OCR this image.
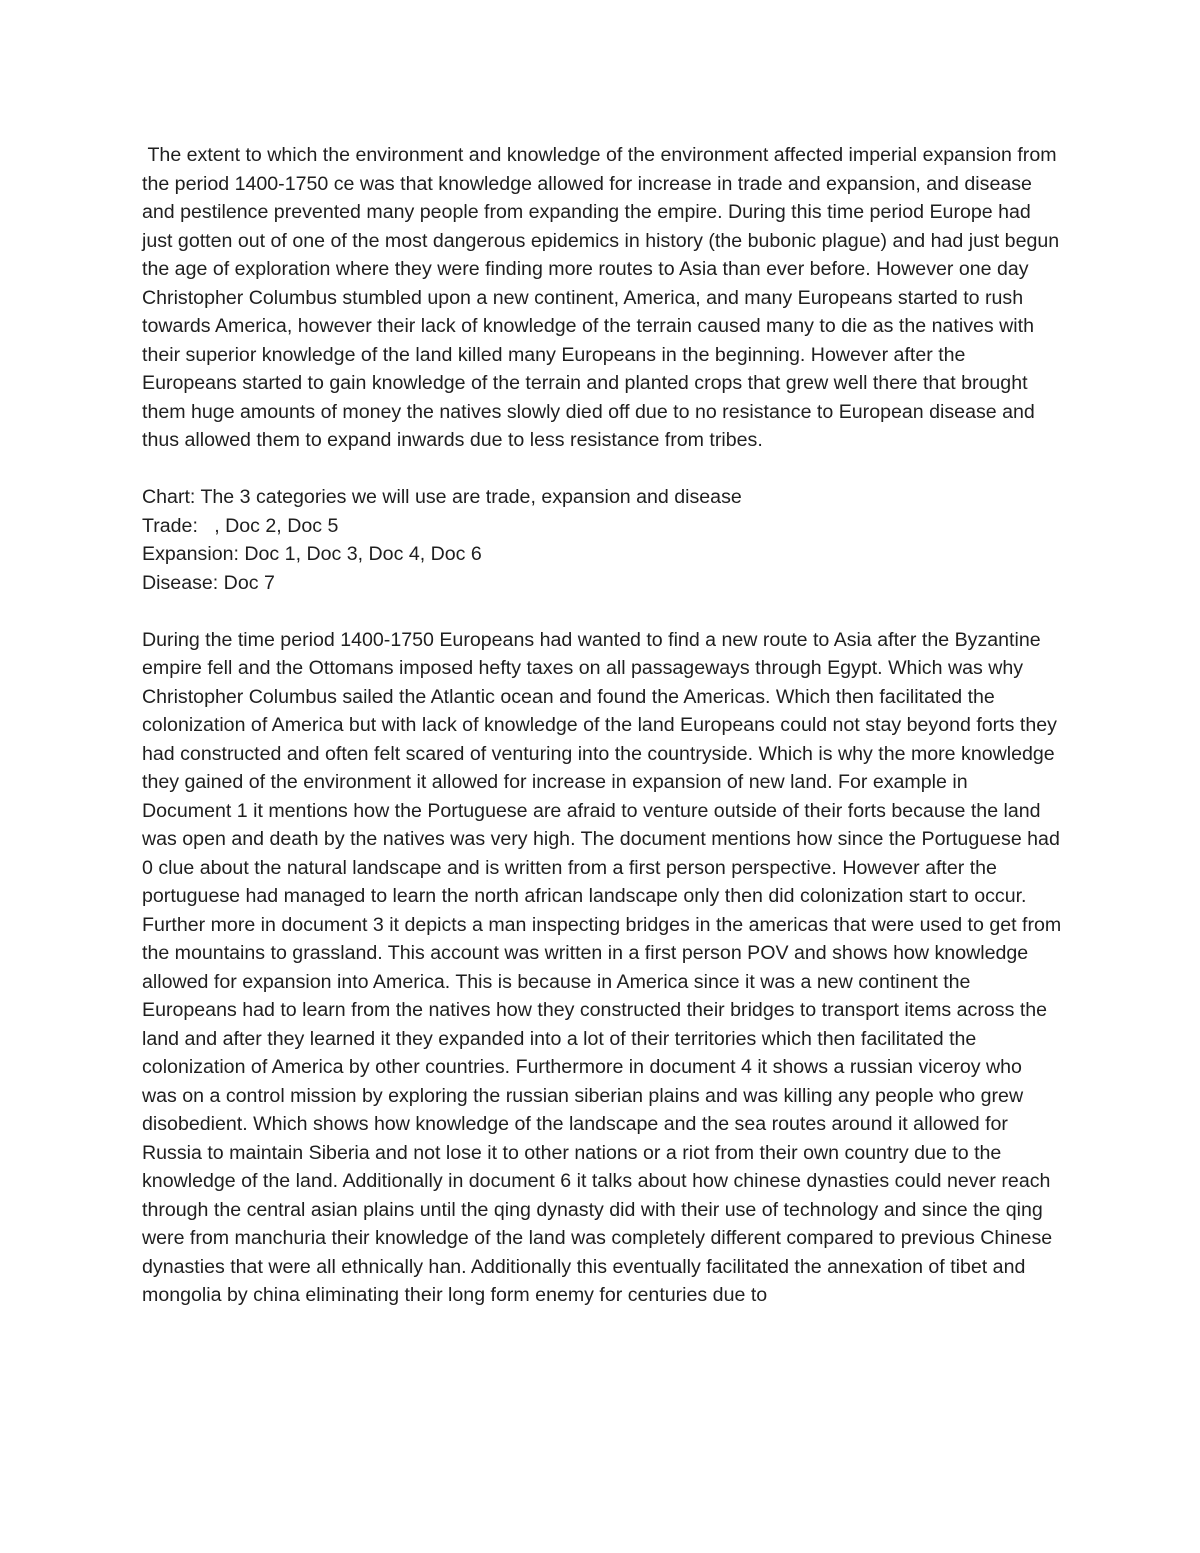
The extent to which the environment and knowledge of the environment affected imperial expansion from the period 1400-1750 ce was that knowledge allowed for increase in trade and expansion, and disease and pestilence prevented many people from expanding the empire. During this time period Europe had just gotten out of one of the most dangerous epidemics in history (the bubonic plague) and had just begun the age of exploration where they were finding more routes to Asia than ever before. However one day Christopher Columbus stumbled upon a new continent, America, and many Europeans started to rush towards America, however their lack of knowledge of the terrain caused many to die as the natives with their superior knowledge of the land killed many Europeans in the beginning. However after the Europeans started to gain knowledge of the terrain and planted crops that grew well there that brought them huge amounts of money the natives slowly died off due to no resistance to European disease and thus allowed them to expand inwards due to less resistance from tribes.

Chart: The 3 categories we will use are trade, expansion and disease

Trade:   , Doc 2, Doc 5

Expansion: Doc 1, Doc 3, Doc 4, Doc 6

Disease: Doc 7

During the time period 1400-1750 Europeans had wanted to find a new route to Asia after the Byzantine empire fell and the Ottomans imposed hefty taxes on all passageways through Egypt. Which was why Christopher Columbus sailed the Atlantic ocean and found the Americas. Which then facilitated the colonization of America but with lack of knowledge of the land Europeans could not stay beyond forts they had constructed and often felt scared of venturing into the countryside. Which is why the more knowledge they gained of the environment it allowed for increase in expansion of new land. For example in Document 1 it mentions how the Portuguese are afraid to venture outside of their forts because the land was open and death by the natives was very high. The document mentions how since the Portuguese had 0 clue about the natural landscape and is written from a first person perspective. However after the portuguese had managed to learn the north african landscape only then did colonization start to occur. Further more in document 3 it depicts a man inspecting bridges in the americas that were used to get from the mountains to grassland. This account was written in a first person POV and shows how knowledge allowed for expansion into America. This is because in America since it was a new continent the Europeans had to learn from the natives how they constructed their bridges to transport items across the land and after they learned it they expanded into a lot of their territories which then facilitated the colonization of America by other countries. Furthermore in document 4 it shows a russian viceroy who was on a control mission by exploring the russian siberian plains and was killing any people who grew disobedient. Which shows how knowledge of the landscape and the sea routes around it allowed for Russia to maintain Siberia and not lose it to other nations or a riot from their own country due to the knowledge of the land. Additionally in document 6 it talks about how chinese dynasties could never reach through the central asian plains until the qing dynasty did with their use of technology and since the qing were from manchuria their knowledge of the land was completely different compared to previous Chinese dynasties that were all ethnically han. Additionally this eventually facilitated the annexation of tibet and mongolia by china eliminating their long form enemy for centuries due to
